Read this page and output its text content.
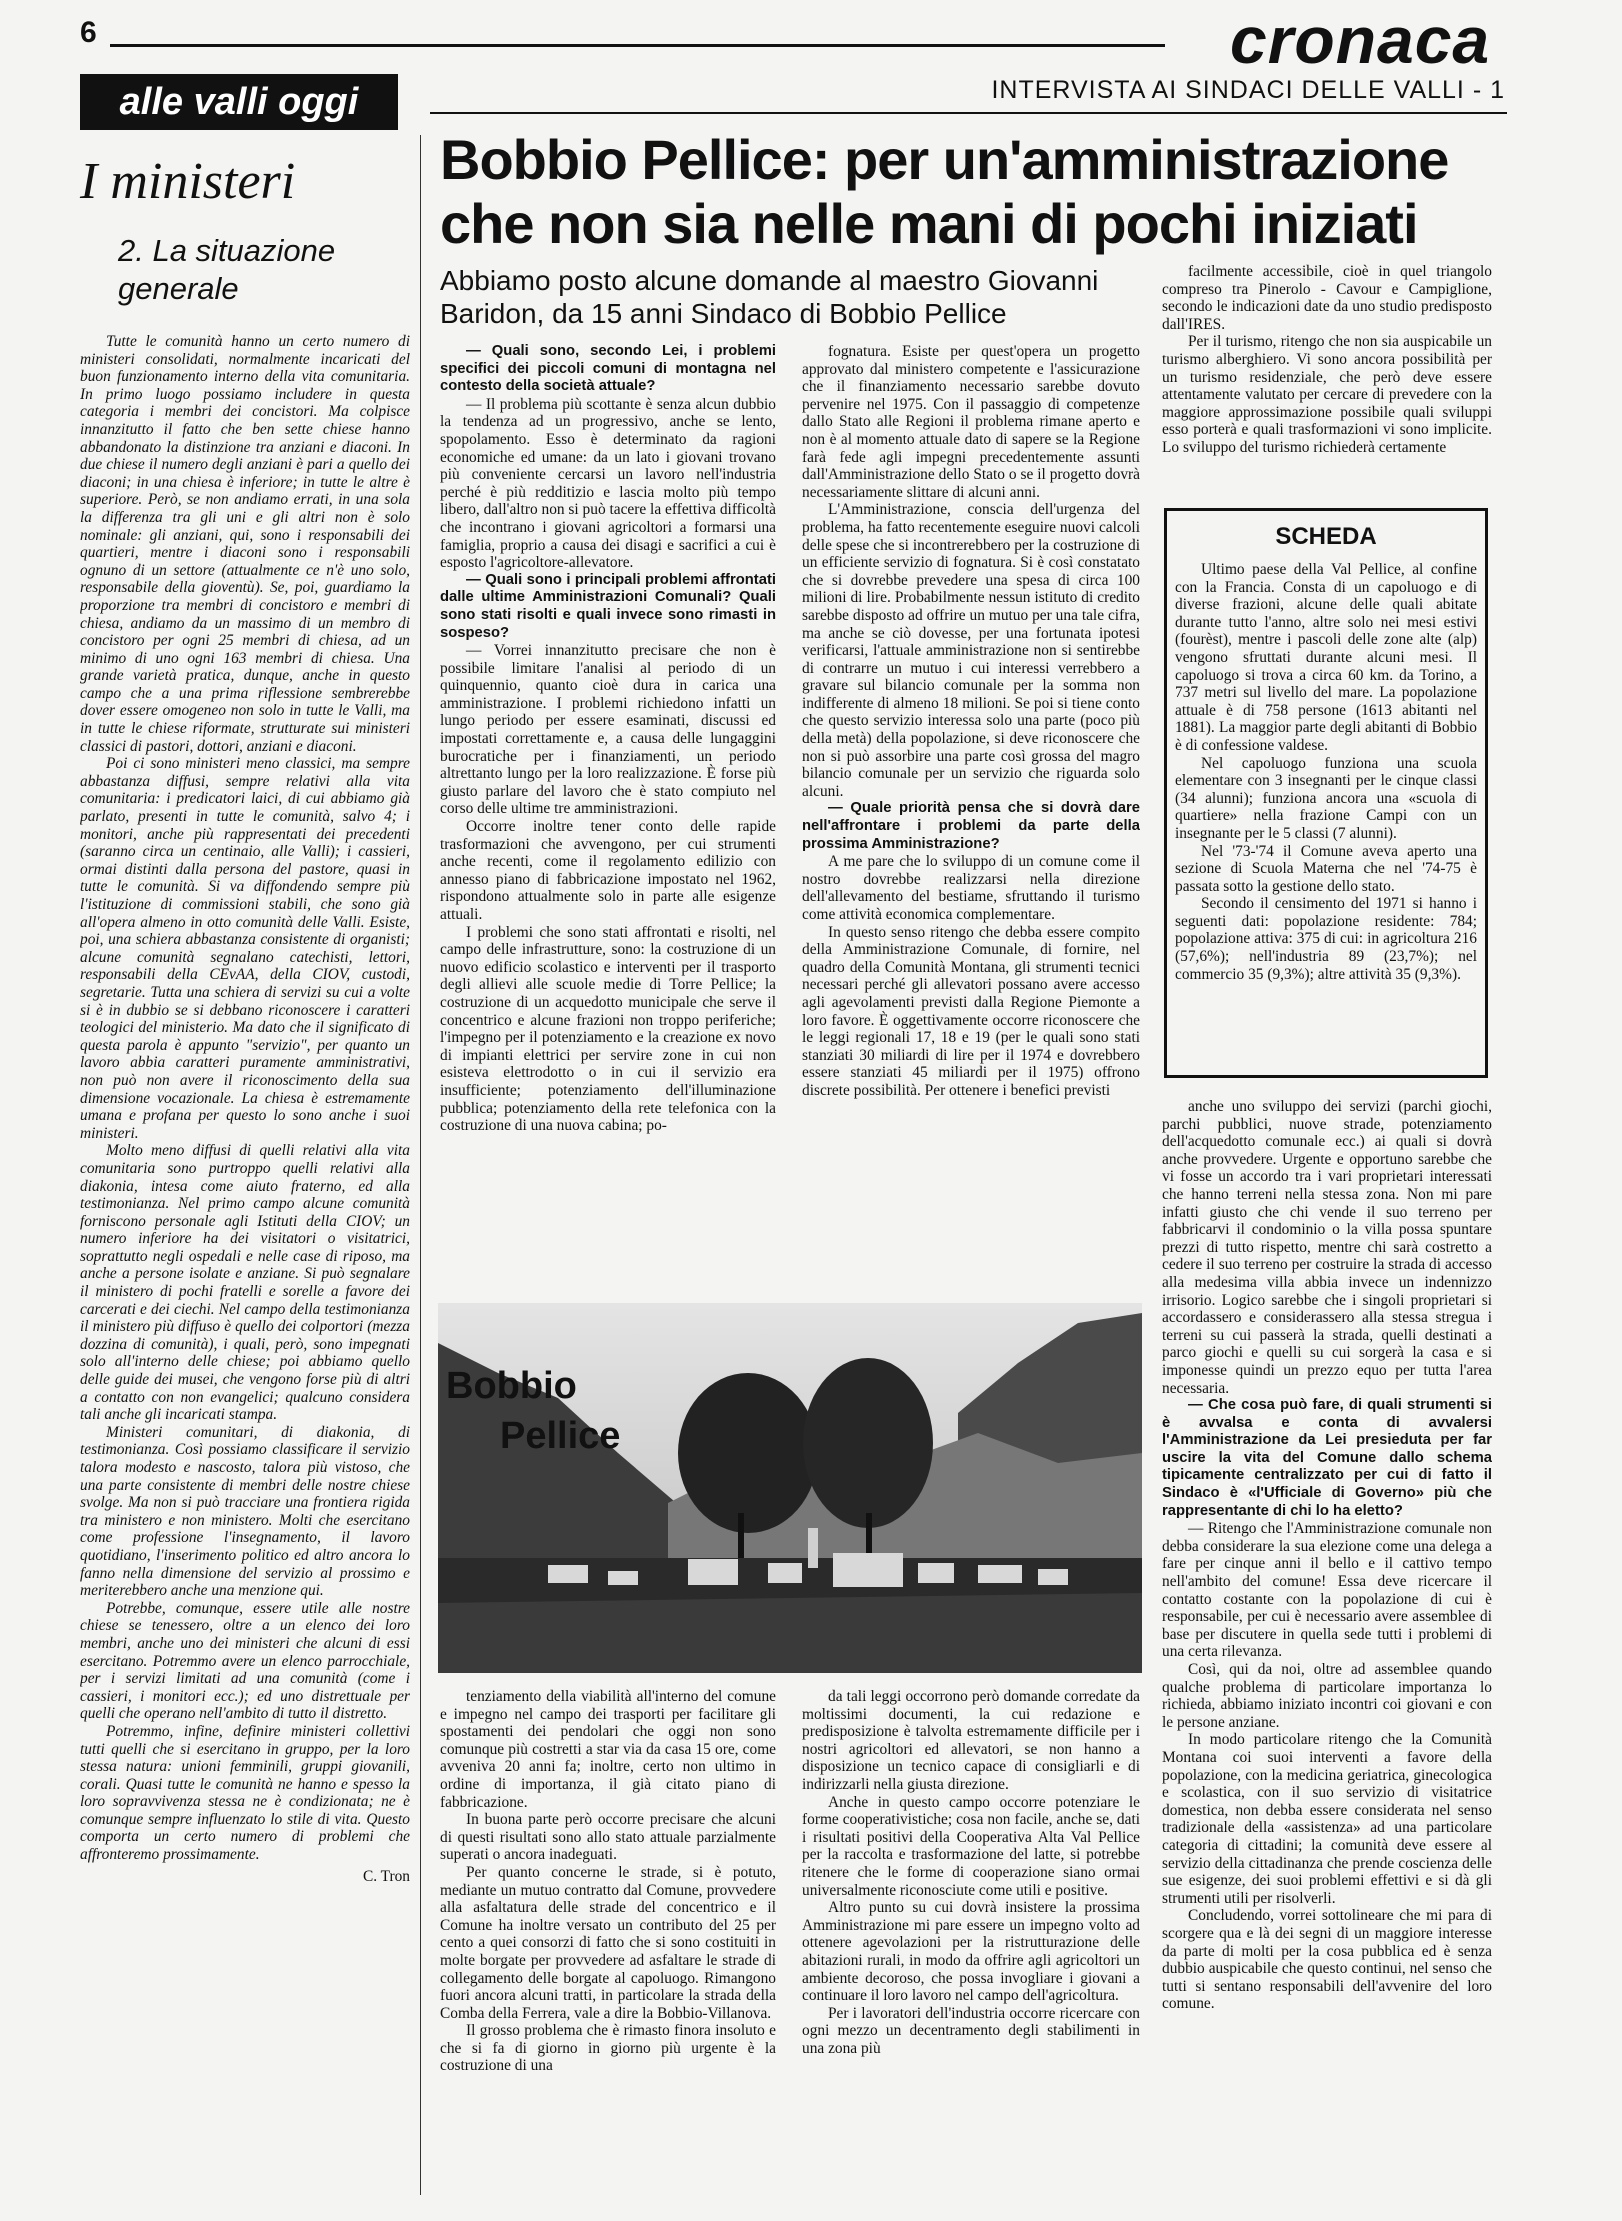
6	cronaca
alle valli oggi	INTERVISTA AI SINDACI DELLE VALLI - 1
I ministeri
2. La situazione generale

Tutte le comunità hanno un certo numero di ministeri consolidati, normalmente incaricati del buon funzionamento interno della vita comunitaria. In primo luogo possiamo includere in questa categoria i membri dei concistori. Ma colpisce innanzitutto il fatto che ben sette chiese hanno abbandonato la distinzione tra anziani e diaconi. In due chiese il numero degli anziani è pari a quello dei diaconi; in una chiesa è inferiore; in tutte le altre è superiore. Però, se non andiamo errati, in una sola la differenza tra gli uni e gli altri non è solo nominale: gli anziani, qui, sono i responsabili dei quartieri, mentre i diaconi sono i responsabili ognuno di un settore (attualmente ce n'è uno solo, responsabile della gioventù). Se, poi, guardiamo la proporzione tra membri di concistoro e membri di chiesa, andiamo da un massimo di un membro di concistoro per ogni 25 membri di chiesa, ad un minimo di uno ogni 163 membri di chiesa. Una grande varietà pratica, dunque, anche in questo campo che a una prima riflessione sembrerebbe dover essere omogeneo non solo in tutte le Valli, ma in tutte le chiese riformate, strutturate sui ministeri classici di pastori, dottori, anziani e diaconi.

Poi ci sono ministeri meno classici, ma sempre abbastanza diffusi, sempre relativi alla vita comunitaria: i predicatori laici, di cui abbiamo già parlato, presenti in tutte le comunità, salvo 4; i monitori, anche più rappresentati dei precedenti (saranno circa un centinaio, alle Valli); i cassieri, ormai distinti dalla persona del pastore, quasi in tutte le comunità. Si va diffondendo sempre più l'istituzione di commissioni stabili, che sono già all'opera almeno in otto comunità delle Valli. Esiste, poi, una schiera abbastanza consistente di organisti; alcune comunità segnalano catechisti, lettori, responsabili della CEvAA, della CIOV, custodi, segretarie. Tutta una schiera di servizi su cui a volte si è in dubbio se si debbano riconoscere i caratteri teologici del ministerio. Ma dato che il significato di questa parola è appunto "servizio", per quanto un lavoro abbia caratteri puramente amministrativi, non può non avere il riconoscimento della sua dimensione vocazionale. La chiesa è estremamente umana e profana per questo lo sono anche i suoi ministeri.

Molto meno diffusi di quelli relativi alla vita comunitaria sono purtroppo quelli relativi alla diakonia, intesa come aiuto fraterno, ed alla testimonianza. Nel primo campo alcune comunità forniscono personale agli Istituti della CIOV; un numero inferiore ha dei visitatori o visitatrici, soprattutto negli ospedali e nelle case di riposo, ma anche a persone isolate e anziane. Si può segnalare il ministero di pochi fratelli e sorelle a favore dei carcerati e dei ciechi. Nel campo della testimonianza il ministero più diffuso è quello dei colportori (mezza dozzina di comunità), i quali, però, sono impegnati solo all'interno delle chiese; poi abbiamo quello delle guide dei musei, che vengono forse più di altri a contatto con non evangelici; qualcuno considera tali anche gli incaricati stampa.

Ministeri comunitari, di diakonia, di testimonianza. Così possiamo classificare il servizio talora modesto e nascosto, talora più vistoso, che una parte consistente di membri delle nostre chiese svolge. Ma non si può tracciare una frontiera rigida tra ministero e non ministero. Molti che esercitano come professione l'insegnamento, il lavoro quotidiano, l'inserimento politico ed altro ancora lo fanno nella dimensione del servizio al prossimo e meriterebbero anche una menzione qui.

Potrebbe, comunque, essere utile alle nostre chiese se tenessero, oltre a un elenco dei loro membri, anche uno dei ministeri che alcuni di essi esercitano. Potremmo avere un elenco parrocchiale, per i servizi limitati ad una comunità (come i cassieri, i monitori ecc.); ed uno distrettuale per quelli che operano nell'ambito di tutto il distretto.

Potremmo, infine, definire ministeri collettivi tutti quelli che si esercitano in gruppo, per la loro stessa natura: unioni femminili, gruppi giovanili, corali. Quasi tutte le comunità ne hanno e spesso la loro sopravvivenza stessa ne è condizionata; ne è comunque sempre influenzato lo stile di vita. Questo comporta un certo numero di problemi che affronteremo prossimamente.

C. Tron
Bobbio Pellice: per un'amministrazione che non sia nelle mani di pochi iniziati
Abbiamo posto alcune domande al maestro Giovanni Baridon, da 15 anni Sindaco di Bobbio Pellice

— Quali sono, secondo Lei, i problemi specifici dei piccoli comuni di montagna nel contesto della società attuale?

— Il problema più scottante è senza alcun dubbio la tendenza ad un progressivo, anche se lento, spopolamento. Esso è determinato da ragioni economiche ed umane: da un lato i giovani trovano più conveniente cercarsi un lavoro nell'industria perché è più redditizio e lascia molto più tempo libero, dall'altro non si può tacere la effettiva difficoltà che incontrano i giovani agricoltori a formarsi una famiglia, proprio a causa dei disagi e sacrifici a cui è esposto l'agricoltore-allevatore.

— Quali sono i principali problemi affrontati dalle ultime Amministrazioni Comunali? Quali sono stati risolti e quali invece sono rimasti in sospeso?

— Vorrei innanzitutto precisare che non è possibile limitare l'analisi al periodo di un quinquennio, quanto cioè dura in carica una amministrazione. I problemi richiedono infatti un lungo periodo per essere esaminati, discussi ed impostati correttamente e, a causa delle lungaggini burocratiche per i finanziamenti, un periodo altrettanto lungo per la loro realizzazione. È forse più giusto parlare del lavoro che è stato compiuto nel corso delle ultime tre amministrazioni.

Occorre inoltre tener conto delle rapide trasformazioni che avvengono, per cui strumenti anche recenti, come il regolamento edilizio con annesso piano di fabbricazione impostato nel 1962, rispondono attualmente solo in parte alle esigenze attuali.

I problemi che sono stati affrontati e risolti, nel campo delle infrastrutture, sono: la costruzione di un nuovo edificio scolastico e interventi per il trasporto degli allievi alle scuole medie di Torre Pellice; la costruzione di un acquedotto municipale che serve il concentrico e alcune frazioni non troppo periferiche; l'impegno per il potenziamento e la creazione ex novo di impianti elettrici per servire zone in cui non esisteva elettrodotto o in cui il servizio era insufficiente; potenziamento dell'illuminazione pubblica; potenziamento della rete telefonica con la costruzione di una nuova cabina; po-

fognatura. Esiste per quest'opera un progetto approvato dal ministero competente e l'assicurazione che il finanziamento necessario sarebbe dovuto pervenire nel 1975. Con il passaggio di competenze dallo Stato alle Regioni il problema rimane aperto e non è al momento attuale dato di sapere se la Regione farà fede agli impegni precedentemente assunti dall'Amministrazione dello Stato o se il progetto dovrà necessariamente slittare di alcuni anni.

L'Amministrazione, conscia dell'urgenza del problema, ha fatto recentemente eseguire nuovi calcoli delle spese che si incontrerebbero per la costruzione di un efficiente servizio di fognatura. Si è così constatato che si dovrebbe prevedere una spesa di circa 100 milioni di lire. Probabilmente nessun istituto di credito sarebbe disposto ad offrire un mutuo per una tale cifra, ma anche se ciò dovesse, per una fortunata ipotesi verificarsi, l'attuale amministrazione non si sentirebbe di contrarre un mutuo i cui interessi verrebbero a gravare sul bilancio comunale per la somma non indifferente di almeno 18 milioni. Se poi si tiene conto che questo servizio interessa solo una parte (poco più della metà) della popolazione, si deve riconoscere che non si può assorbire una parte così grossa del magro bilancio comunale per un servizio che riguarda solo alcuni.

— Quale priorità pensa che si dovrà dare nell'affrontare i problemi da parte della prossima Amministrazione?

A me pare che lo sviluppo di un comune come il nostro dovrebbe realizzarsi nella direzione dell'allevamento del bestiame, sfruttando il turismo come attività economica complementare.

In questo senso ritengo che debba essere compito della Amministrazione Comunale, di fornire, nel quadro della Comunità Montana, gli strumenti tecnici necessari perché gli allevatori possano avere accesso agli agevolamenti previsti dalla Regione Piemonte a loro favore. È oggettivamente occorre riconoscere che le leggi regionali 17, 18 e 19 (per le quali sono stati stanziati 30 miliardi di lire per il 1974 e dovrebbero essere stanziati 45 miliardi per il 1975) offrono discrete possibilità. Per ottenere i benefici previsti

facilmente accessibile, cioè in quel triangolo compreso tra Pinerolo - Cavour e Campiglione, secondo le indicazioni date da uno studio predisposto dall'IRES.

Per il turismo, ritengo che non sia auspicabile un turismo alberghiero. Vi sono ancora possibilità per un turismo residenziale, che però deve essere attentamente valutato per cercare di prevedere con la maggiore approssimazione possibile quali sviluppi esso porterà e quali trasformazioni vi sono implicite. Lo sviluppo del turismo richiederà certamente

SCHEDA

Ultimo paese della Val Pellice, al confine con la Francia. Consta di un capoluogo e di diverse frazioni, alcune delle quali abitate durante tutto l'anno, altre solo nei mesi estivi (fourèst), mentre i pascoli delle zone alte (alp) vengono sfruttati durante alcuni mesi. Il capoluogo si trova a circa 60 km. da Torino, a 737 metri sul livello del mare. La popolazione attuale è di 758 persone (1613 abitanti nel 1881). La maggior parte degli abitanti di Bobbio è di confessione valdese.

Nel capoluogo funziona una scuola elementare con 3 insegnanti per le cinque classi (34 alunni); funziona ancora una «scuola di quartiere» nella frazione Campi con un insegnante per le 5 classi (7 alunni).

Nel '73-'74 il Comune aveva aperto una sezione di Scuola Materna che nel '74-75 è passata sotto la gestione dello stato.

Secondo il censimento del 1971 si hanno i seguenti dati: popolazione residente: 784; popolazione attiva: 375 di cui: in agricoltura 216 (57,6%); nell'industria 89 (23,7%); nel commercio 35 (9,3%); altre attività 35 (9,3%).

anche uno sviluppo dei servizi (parchi giochi, parchi pubblici, nuove strade, potenziamento dell'acquedotto comunale ecc.) ai quali si dovrà anche provvedere. Urgente e opportuno sarebbe che vi fosse un accordo tra i vari proprietari interessati che hanno terreni nella stessa zona. Non mi pare infatti giusto che chi vende il suo terreno per fabbricarvi il condominio o la villa possa spuntare prezzi di tutto rispetto, mentre chi sarà costretto a cedere il suo terreno per costruire la strada di accesso alla medesima villa abbia invece un indennizzo irrisorio. Logico sarebbe che i singoli proprietari si accordassero e considerassero alla stessa stregua i terreni su cui passerà la strada, quelli destinati a parco giochi e quelli su cui sorgerà la casa e si imponesse quindi un prezzo equo per tutta l'area necessaria.

— Che cosa può fare, di quali strumenti si è avvalsa e conta di avvalersi l'Amministrazione da Lei presieduta per far uscire la vita del Comune dallo schema tipicamente centralizzato per cui di fatto il Sindaco è «l'Ufficiale di Governo» più che rappresentante di chi lo ha eletto?

— Ritengo che l'Amministrazione comunale non debba considerare la sua elezione come una delega a fare per cinque anni il bello e il cattivo tempo nell'ambito del comune! Essa deve ricercare il contatto costante con la popolazione di cui è responsabile, per cui è necessario avere assemblee di base per discutere in quella sede tutti i problemi di una certa rilevanza.

Così, qui da noi, oltre ad assemblee quando qualche problema di particolare importanza lo richieda, abbiamo iniziato incontri coi giovani e con le persone anziane.

In modo particolare ritengo che la Comunità Montana coi suoi interventi a favore della popolazione, con la medicina geriatrica, ginecologica e scolastica, con il suo servizio di visitatrice domestica, non debba essere considerata nel senso tradizionale della «assistenza» ad una particolare categoria di cittadini; la comunità deve essere al servizio della cittadinanza che prende coscienza delle sue esigenze, dei suoi problemi effettivi e si dà gli strumenti utili per risolverli.

Concludendo, vorrei sottolineare che mi para di scorgere qua e là dei segni di un maggiore interesse da parte di molti per la cosa pubblica ed è senza dubbio auspicabile che questo continui, nel senso che tutti si sentano responsabili dell'avvenire del loro comune.

Bobbio
Pellice

tenziamento della viabilità all'interno del comune e impegno nel campo dei trasporti per facilitare gli spostamenti dei pendolari che oggi non sono comunque più costretti a star via da casa 15 ore, come avveniva 20 anni fa; inoltre, certo non ultimo in ordine di importanza, il già citato piano di fabbricazione.

In buona parte però occorre precisare che alcuni di questi risultati sono allo stato attuale parzialmente superati o ancora inadeguati.

Per quanto concerne le strade, si è potuto, mediante un mutuo contratto dal Comune, provvedere alla asfaltatura delle strade del concentrico e il Comune ha inoltre versato un contributo del 25 per cento a quei consorzi di fatto che si sono costituiti in molte borgate per provvedere ad asfaltare le strade di collegamento delle borgate al capoluogo. Rimangono fuori ancora alcuni tratti, in particolare la strada della Comba della Ferrera, vale a dire la Bobbio-Villanova.

Il grosso problema che è rimasto finora insoluto e che si fa di giorno in giorno più urgente è la costruzione di una

da tali leggi occorrono però domande corredate da moltissimi documenti, la cui redazione e predisposizione è talvolta estremamente difficile per i nostri agricoltori ed allevatori, se non hanno a disposizione un tecnico capace di consigliarli e di indirizzarli nella giusta direzione.

Anche in questo campo occorre potenziare le forme cooperativistiche; cosa non facile, anche se, dati i risultati positivi della Cooperativa Alta Val Pellice per la raccolta e trasformazione del latte, si potrebbe ritenere che le forme di cooperazione siano ormai universalmente riconosciute come utili e positive.

Altro punto su cui dovrà insistere la prossima Amministrazione mi pare essere un impegno volto ad ottenere agevolazioni per la ristrutturazione delle abitazioni rurali, in modo da offrire agli agricoltori un ambiente decoroso, che possa invogliare i giovani a continuare il loro lavoro nel campo dell'agricoltura.

Per i lavoratori dell'industria occorre ricercare con ogni mezzo un decentramento degli stabilimenti in una zona più
